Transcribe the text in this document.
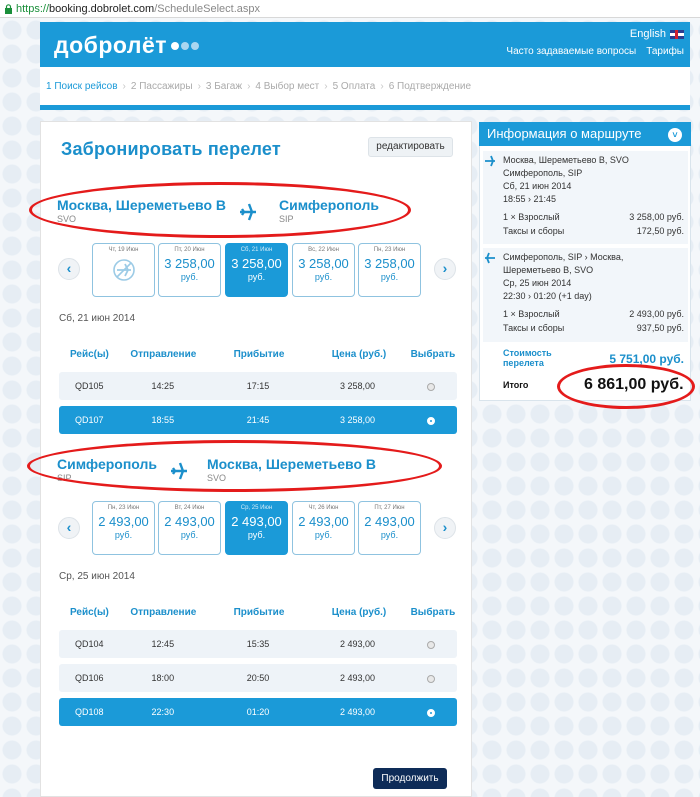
https:// booking.dobrolet.com /ScheduleSelect.aspx
добролёт	English
Часто задаваемые вопросы Тарифы
1 Поиск рейсов › 2 Пассажиры › 3 Багаж › 4 Выбор мест › 5 Оплата › 6 Подтверждение
Забронировать перелет	редактировать
Москва, Шереметьево В
SVO
Симферополь
SIP
‹
Чт, 19 Июн	Пт, 20 Июн
3 258,00
руб.
Сб, 21 Июн
3 258,00
руб.
Вс, 22 Июн
3 258,00
руб.
Пн, 23 Июн
3 258,00
руб.
›
Сб, 21 июн 2014
Рейс(ы)	Отправление	Прибытие	Цена (руб.)	Выбрать
QD105	14:25	17:15	3 258,00
QD107	18:55	21:45	3 258,00
Симферополь
SIP
Москва, Шереметьево В
SVO
‹
Пн, 23 Июн
2 493,00
руб.
Вт, 24 Июн
2 493,00
руб.
Ср, 25 Июн
2 493,00
руб.
Чт, 26 Июн
2 493,00
руб.
Пт, 27 Июн
2 493,00
руб.	›
Ср, 25 июн 2014
Рейс(ы)	Отправление	Прибытие	Цена (руб.)	Выбрать
QD104	12:45	15:35	2 493,00
QD106	18:00	20:50	2 493,00
QD108	22:30	01:20	2 493,00
Продолжить
Информация о маршруте	˅
Москва, Шереметьево В, SVO
Симферополь, SIP
Сб, 21 июн 2014
18:55 › 21:45
1 × Взрослый	3 258,00 руб.
Таксы и сборы	172,50 руб.
Симферополь, SIP › Москва,
Шереметьево В, SVO
Ср, 25 июн 2014
22:30 › 01:20 (+1 day)
1 × Взрослый	2 493,00 руб.
Таксы и сборы	937,50 руб.
Стоимость
перелета	5 751,00 руб.
Итого	6 861,00 руб.
